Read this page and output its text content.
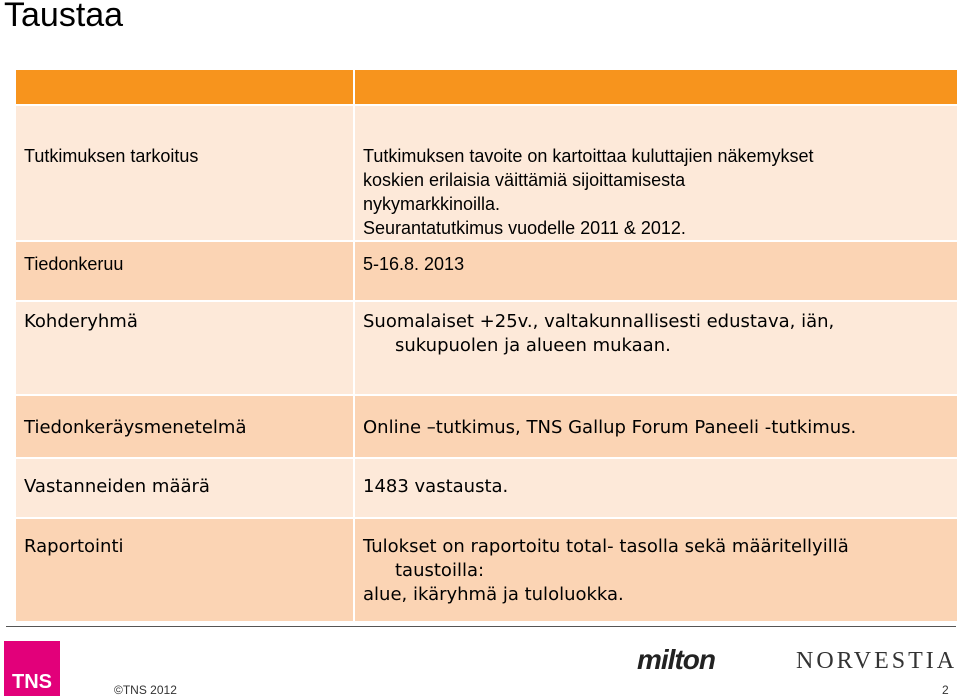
Taustaa

Tutkimuksen tarkoitus	Tutkimuksen tavoite on kartoittaa kuluttajien näkemykset
koskien erilaisia väittämiä sijoittamisesta
nykymarkkinoilla.
Seurantatutkimus vuodelle 2011 & 2012.

Tiedonkeruu	5-16.8. 2013
Kohderyhmä	Suomalaiset +25v., valtakunnallisesti edustava, iän,
sukupuolen ja alueen mukaan.

Tiedonkeräysmenetelmä	Online –tutkimus, TNS Gallup Forum Paneeli -tutkimus.
Vastanneiden määrä	1483 vastausta.
Raportointi	Tulokset on raportoitu total- tasolla sekä määritellyillä
taustoilla:
alue, ikäryhmä ja tuloluokka.
TNS	©TNS 2012
milton	NORVESTIA
2
